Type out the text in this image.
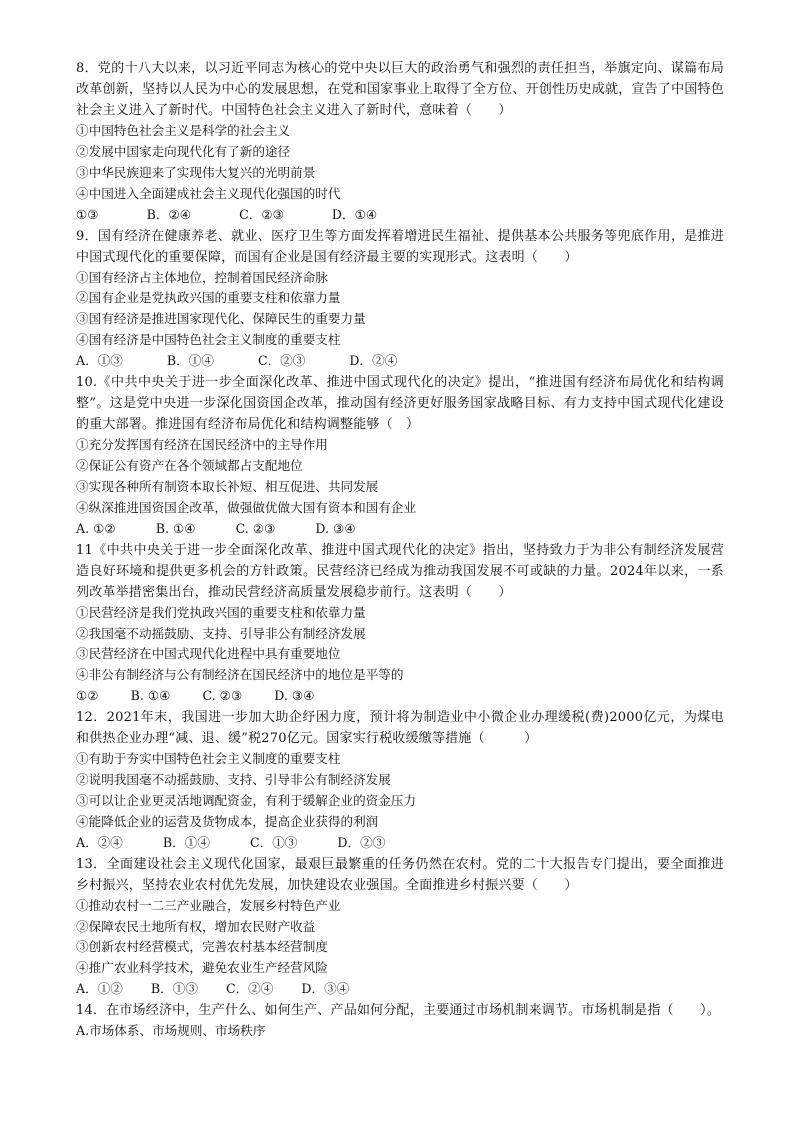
8．党的十八大以来，以习近平同志为核心的党中央以巨大的政治勇气和强烈的责任担当，举旗定向、谋篇布局改革创新，坚持以人民为中心的发展思想，在党和国家事业上取得了全方位、开创性历史成就，宣告了中国特色社会主义进入了新时代。中国特色社会主义进入了新时代，意味着（　　）

①中国特色社会主义是科学的社会主义

②发展中国家走向现代化有了新的途径

③中华民族迎来了实现伟大复兴的光明前景

④中国进入全面建成社会主义现代化强国的时代

①③            B．②④            C．②③            D．①④

9．国有经济在健康养老、就业、医疗卫生等方面发挥着增进民生福祉、提供基本公共服务等兜底作用，是推进中国式现代化的重要保障，而国有企业是国有经济最主要的实现形式。这表明（　　）

①国有经济占主体地位，控制着国民经济命脉

②国有企业是党执政兴国的重要支柱和依靠力量

③国有经济是推进国家现代化、保障民生的重要力量

④国有经济是中国特色社会主义制度的重要支柱

A．①③           B．①④           C．②③           D．②④

10.《中共中央关于进一步全面深化改革、推进中国式现代化的决定》提出，“推进国有经济布局优化和结构调整”。这是党中央进一步深化国资国企改革，推动国有经济更好服务国家战略目标、有力支持中国式现代化建设的重大部署。推进国有经济布局优化和结构调整能够（　）

①充分发挥国有经济在国民经济中的主导作用

②保证公有资产在各个领域都占支配地位

③实现各种所有制资本取长补短、相互促进、共同发展

④纵深推进国资国企改革，做强做优做大国有资本和国有企业

A. ①②          B. ①④          C. ②③          D. ③④

11《中共中央关于进一步全面深化改革、推进中国式现代化的决定》指出，坚持致力于为非公有制经济发展营造良好环境和提供更多机会的方针政策。民营经济已经成为推动我国发展不可或缺的力量。2024年以来，一系列改革举措密集出台，推动民营经济高质量发展稳步前行。这表明（　　）

①民营经济是我们党执政兴国的重要支柱和依靠力量

②我国毫不动摇鼓励、支持、引导非公有制经济发展

③民营经济在中国式现代化进程中具有重要地位

④非公有制经济与公有制经济在国民经济中的地位是平等的

①②        B. ①④        C. ②③        D. ③④

12．2021年末，我国进一步加大助企纾困力度，预计将为制造业中小微企业办理缓税(费)2000亿元，为煤电和供热企业办理“减、退、缓”税270亿元。国家实行税收缓缴等措施（　　　）

①有助于夯实中国特色社会主义制度的重要支柱

②说明我国毫不动摇鼓励、支持、引导非公有制经济发展

③可以让企业更灵活地调配资金，有利于缓解企业的资金压力

④能降低企业的运营及货物成本，提高企业获得的利润

A．②④          B．①④          C．①③          D．②③

13．全面建设社会主义现代化国家，最艰巨最繁重的任务仍然在农村。党的二十大报告专门提出，要全面推进乡村振兴，坚持农业农村优先发展，加快建设农业强国。全面推进乡村振兴要（　　）

①推动农村一二三产业融合，发展乡村特色产业

②保障农民土地所有权，增加农民财产收益

③创新农村经营模式，完善农村基本经营制度

④推广农业科学技术，避免农业生产经营风险

A．①②       B．①③       C．②④       D．③④

14．在市场经济中，生产什么、如何生产、产品如何分配，主要通过市场机制来调节。市场机制是指（　　）。

A.市场体系、市场规则、市场秩序
